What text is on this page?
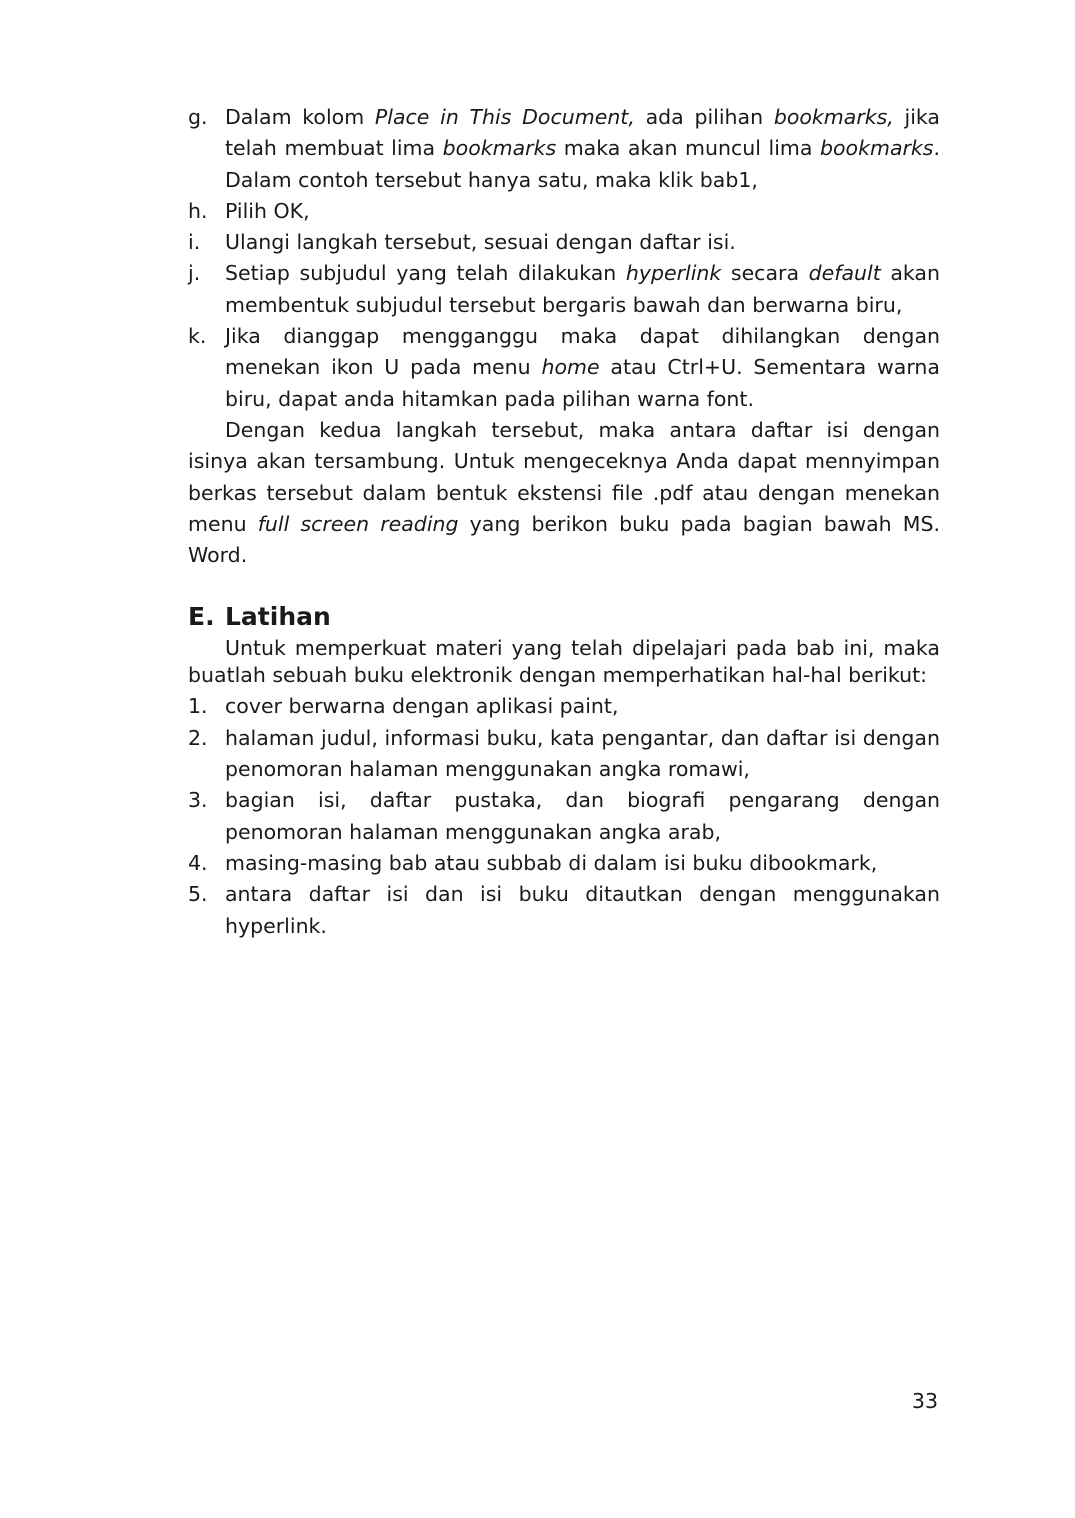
g. Dalam kolom Place in This Document, ada pilihan bookmarks, jika telah membuat lima bookmarks maka akan muncul lima bookmarks. Dalam contoh tersebut hanya satu, maka klik bab1,
h. Pilih OK,
i.	Ulangi langkah tersebut, sesuai dengan daftar isi.
j.	Setiap subjudul yang telah dilakukan hyperlink secara default akan membentuk subjudul tersebut bergaris bawah dan berwarna biru,
k. Jika dianggap mengganggu maka dapat dihilangkan dengan menekan ikon U pada menu home atau Ctrl+U. Sementara warna biru, dapat anda hitamkan pada pilihan warna font.

Dengan kedua langkah tersebut, maka antara daftar isi dengan isinya akan tersambung. Untuk mengeceknya Anda dapat mennyimpan berkas tersebut dalam bentuk ekstensi file .pdf atau dengan menekan menu full screen reading yang berikon buku pada bagian bawah MS. Word.

E. Latihan

Untuk memperkuat materi yang telah dipelajari pada bab ini, maka buatlah sebuah buku elektronik dengan memperhatikan hal-hal berikut:

1. cover berwarna dengan aplikasi paint,
2. halaman judul, informasi buku, kata pengantar, dan daftar isi dengan penomoran halaman menggunakan angka romawi,
3. bagian isi, daftar pustaka, dan biografi pengarang dengan penomoran halaman menggunakan angka arab,
4. masing-masing bab atau subbab di dalam isi buku dibookmark,
5. antara daftar isi dan isi buku ditautkan dengan menggunakan hyperlink.
33
